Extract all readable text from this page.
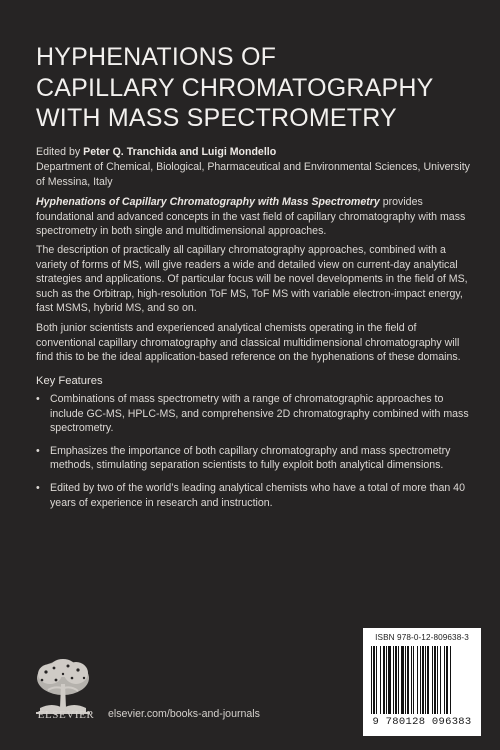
HYPHENATIONS OF
CAPILLARY CHROMATOGRAPHY
WITH MASS SPECTROMETRY
Edited by Peter Q. Tranchida and Luigi Mondello
Department of Chemical, Biological, Pharmaceutical and Environmental Sciences, University of Messina, Italy

Hyphenations of Capillary Chromatography with Mass Spectrometry provides foundational and advanced concepts in the vast field of capillary chromatography with mass spectrometry in both single and multidimensional approaches.

The description of practically all capillary chromatography approaches, combined with a variety of forms of MS, will give readers a wide and detailed view on current-day analytical strategies and applications. Of particular focus will be novel developments in the field of MS, such as the Orbitrap, high-resolution ToF MS, ToF MS with variable electron-impact energy, fast MSMS, hybrid MS, and so on.

Both junior scientists and experienced analytical chemists operating in the field of conventional capillary chromatography and classical multidimensional chromatography will find this to be the ideal application-based reference on the hyphenations of these domains.

Key Features
• Combinations of mass spectrometry with a range of chromatographic approaches to include GC-MS, HPLC-MS, and comprehensive 2D chromatography combined with mass spectrometry.
• Emphasizes the importance of both capillary chromatography and mass spectrometry methods, stimulating separation scientists to fully exploit both analytical dimensions.
• Edited by two of the world’s leading analytical chemists who have a total of more than 40 years of experience in research and instruction.
ELSEVIER	elsevier.com/books-and-journals
ISBN 978-0-12-809638-3
9 780128 096383
